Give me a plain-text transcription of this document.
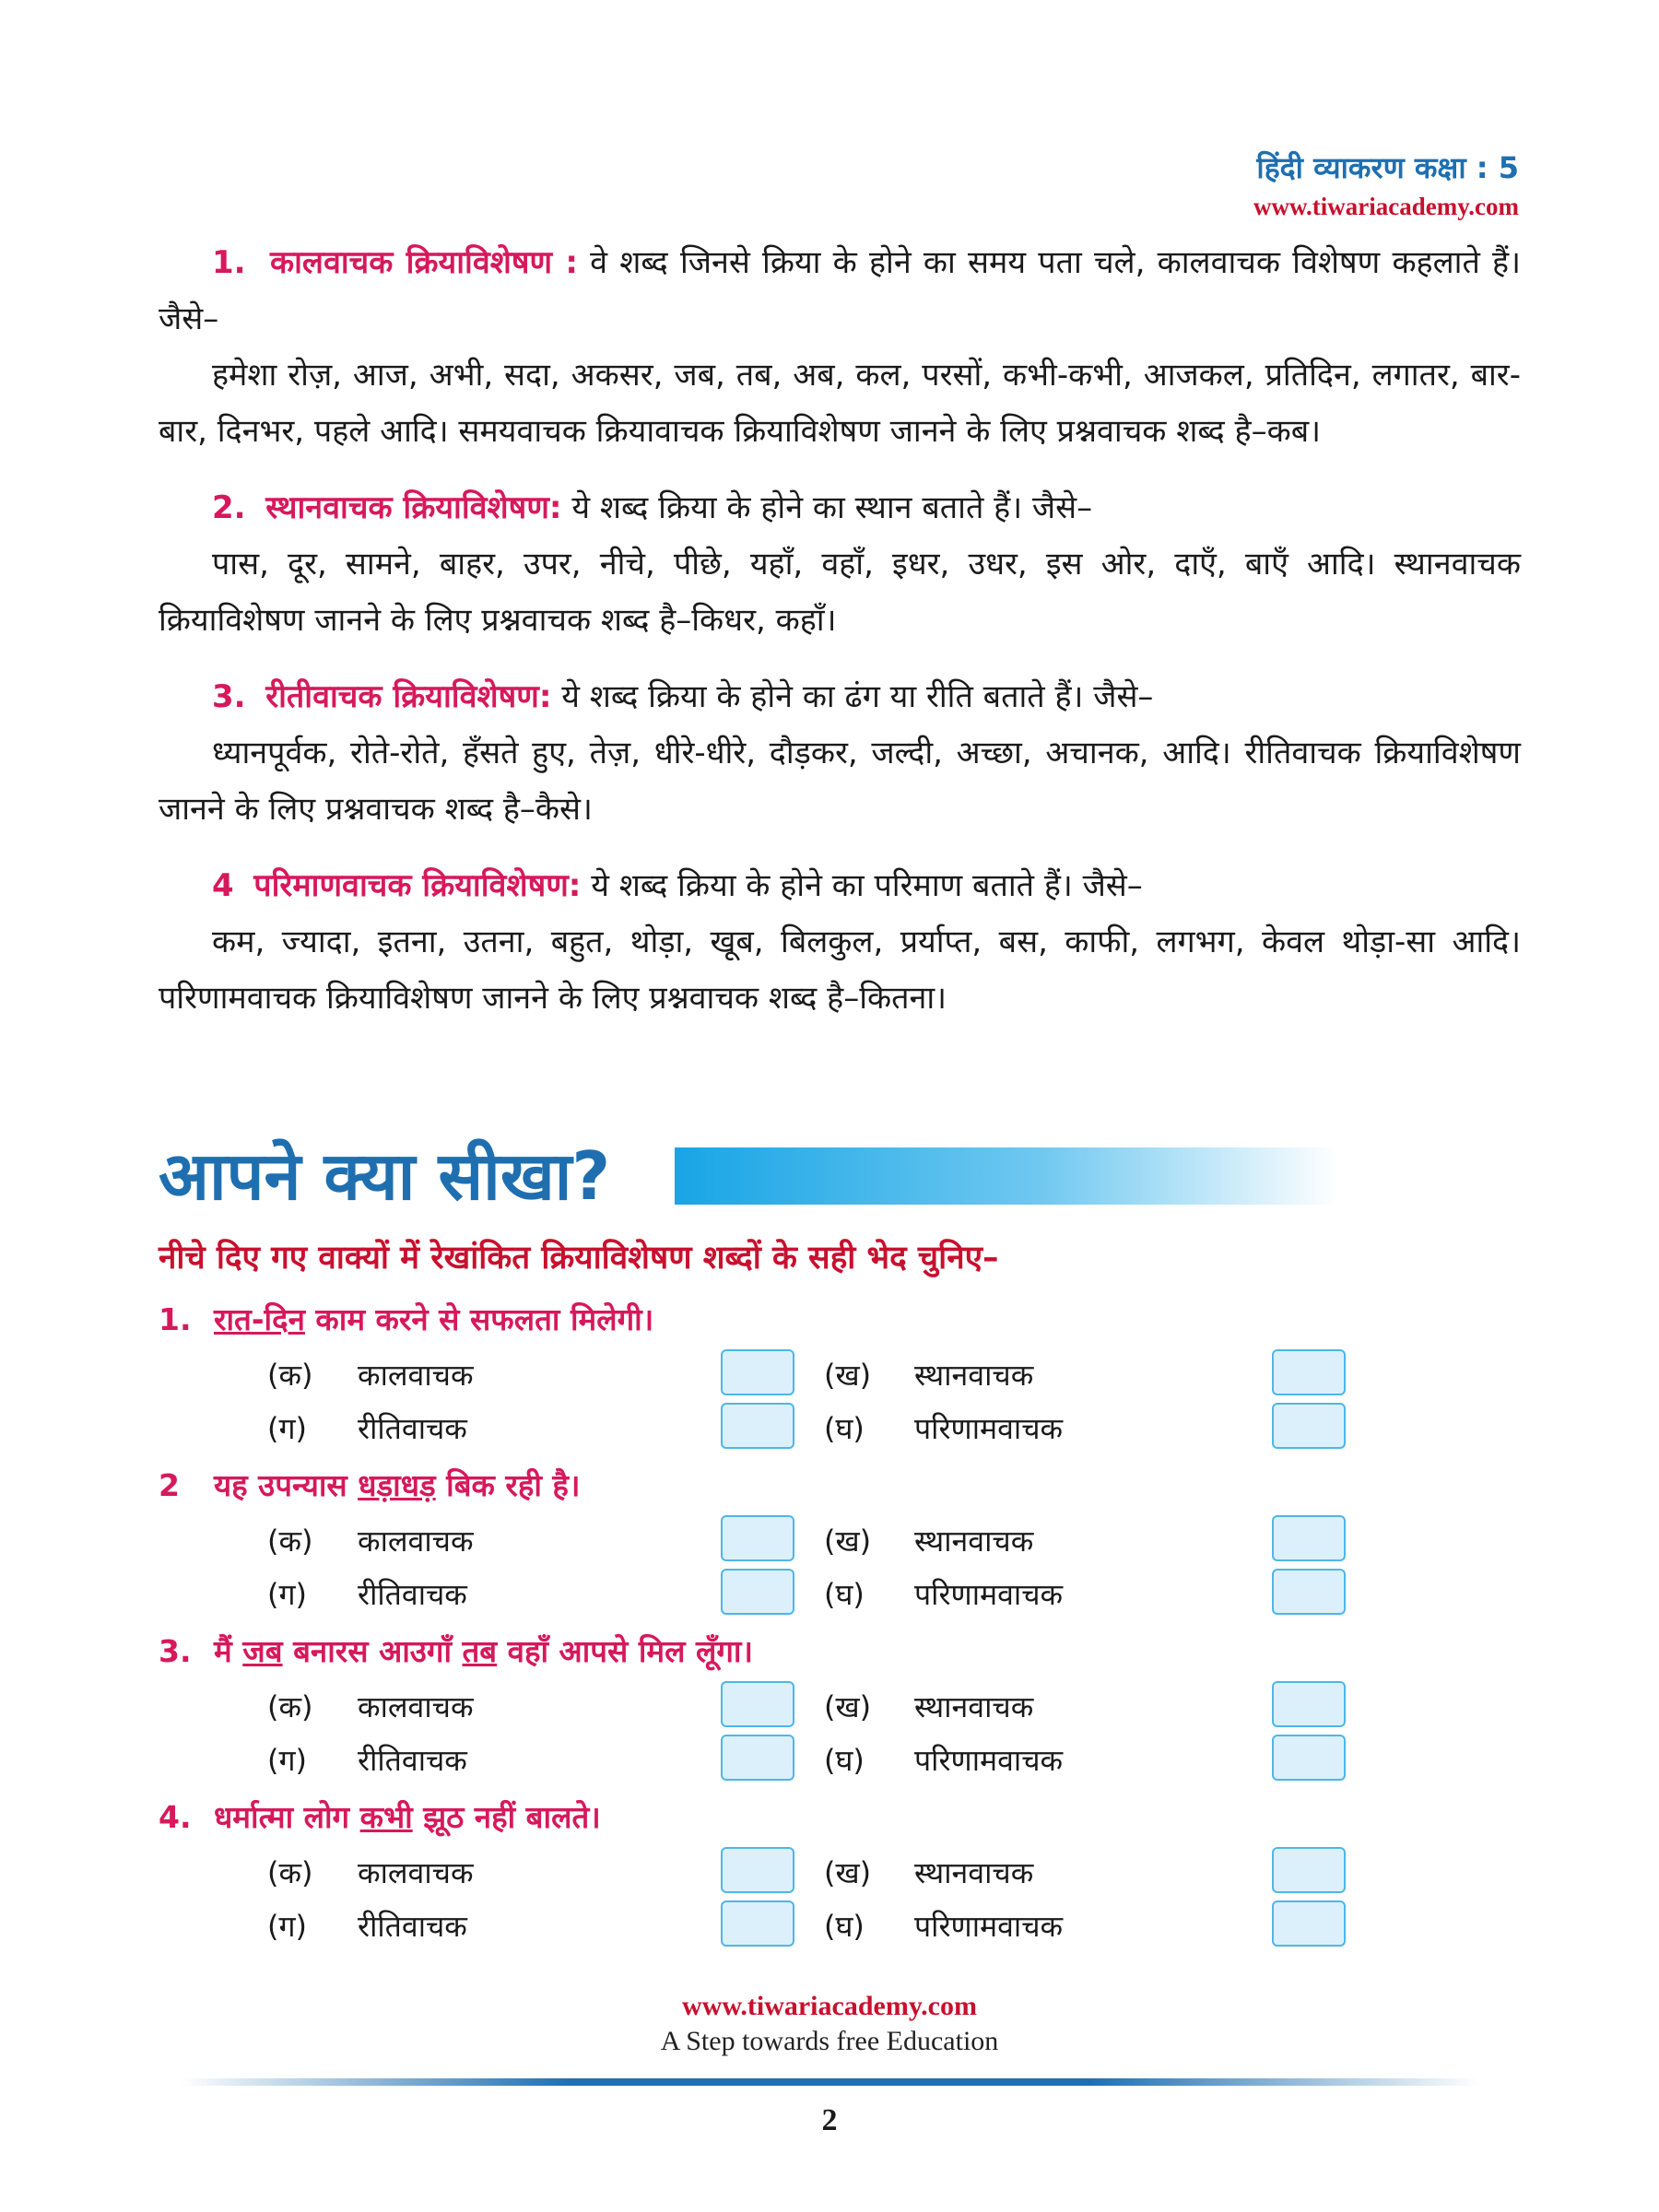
हिंदी व्याकरण कक्षा : 5
www.tiwariacademy.com

1. कालवाचक क्रियाविशेषण : वे शब्द जिनसे क्रिया के होने का समय पता चले, कालवाचक विशेषण कहलाते हैं। जैसे–

हमेशा रोज़, आज, अभी, सदा, अकसर, जब, तब, अब, कल, परसों, कभी-कभी, आजकल, प्रतिदिन, लगातर, बार-बार, दिनभर, पहले आदि। समयवाचक क्रियावाचक क्रियाविशेषण जानने के लिए प्रश्नवाचक शब्द है–कब।

2. स्थानवाचक क्रियाविशेषण: ये शब्द क्रिया के होने का स्थान बताते हैं। जैसे–

पास, दूर, सामने, बाहर, उपर, नीचे, पीछे, यहाँ, वहाँ, इधर, उधर, इस ओर, दाएँ, बाएँ आदि। स्थानवाचक क्रियाविशेषण जानने के लिए प्रश्नवाचक शब्द है–किधर, कहाँ।

3. रीतीवाचक क्रियाविशेषण: ये शब्द क्रिया के होने का ढंग या रीति बताते हैं। जैसे–

ध्यानपूर्वक, रोते-रोते, हँसते हुए, तेज़, धीरे-धीरे, दौड़कर, जल्दी, अच्छा, अचानक, आदि। रीतिवाचक क्रियाविशेषण जानने के लिए प्रश्नवाचक शब्द है–कैसे।

4 परिमाणवाचक क्रियाविशेषण: ये शब्द क्रिया के होने का परिमाण बताते हैं। जैसे–

कम, ज्यादा, इतना, उतना, बहुत, थोड़ा, खूब, बिलकुल, प्रर्याप्त, बस, काफी, लगभग, केवल थोड़ा-सा आदि। परिणामवाचक क्रियाविशेषण जानने के लिए प्रश्नवाचक शब्द है–कितना।

आपने क्या सीखा?
नीचे दिए गए वाक्यों में रेखांकित क्रियाविशेषण शब्दों के सही भेद चुनिए–
1. रात-दिन काम करने से सफलता मिलेगी।
(क) कालवाचक	(ख) स्थानवाचक
(ग) रीतिवाचक	(घ) परिणामवाचक
2 यह उपन्यास धड़ाधड़ बिक रही है।
(क) कालवाचक	(ख) स्थानवाचक
(ग) रीतिवाचक	(घ) परिणामवाचक
3. मैं जब बनारस आउगाँ तब वहाँ आपसे मिल लूँगा।
(क) कालवाचक	(ख) स्थानवाचक
(ग) रीतिवाचक	(घ) परिणामवाचक
4. धर्मात्मा लोग कभी झूठ नहीं बालते।
(क) कालवाचक	(ख) स्थानवाचक
(ग) रीतिवाचक	(घ) परिणामवाचक
www.tiwariacademy.com
A Step towards free Education
2
